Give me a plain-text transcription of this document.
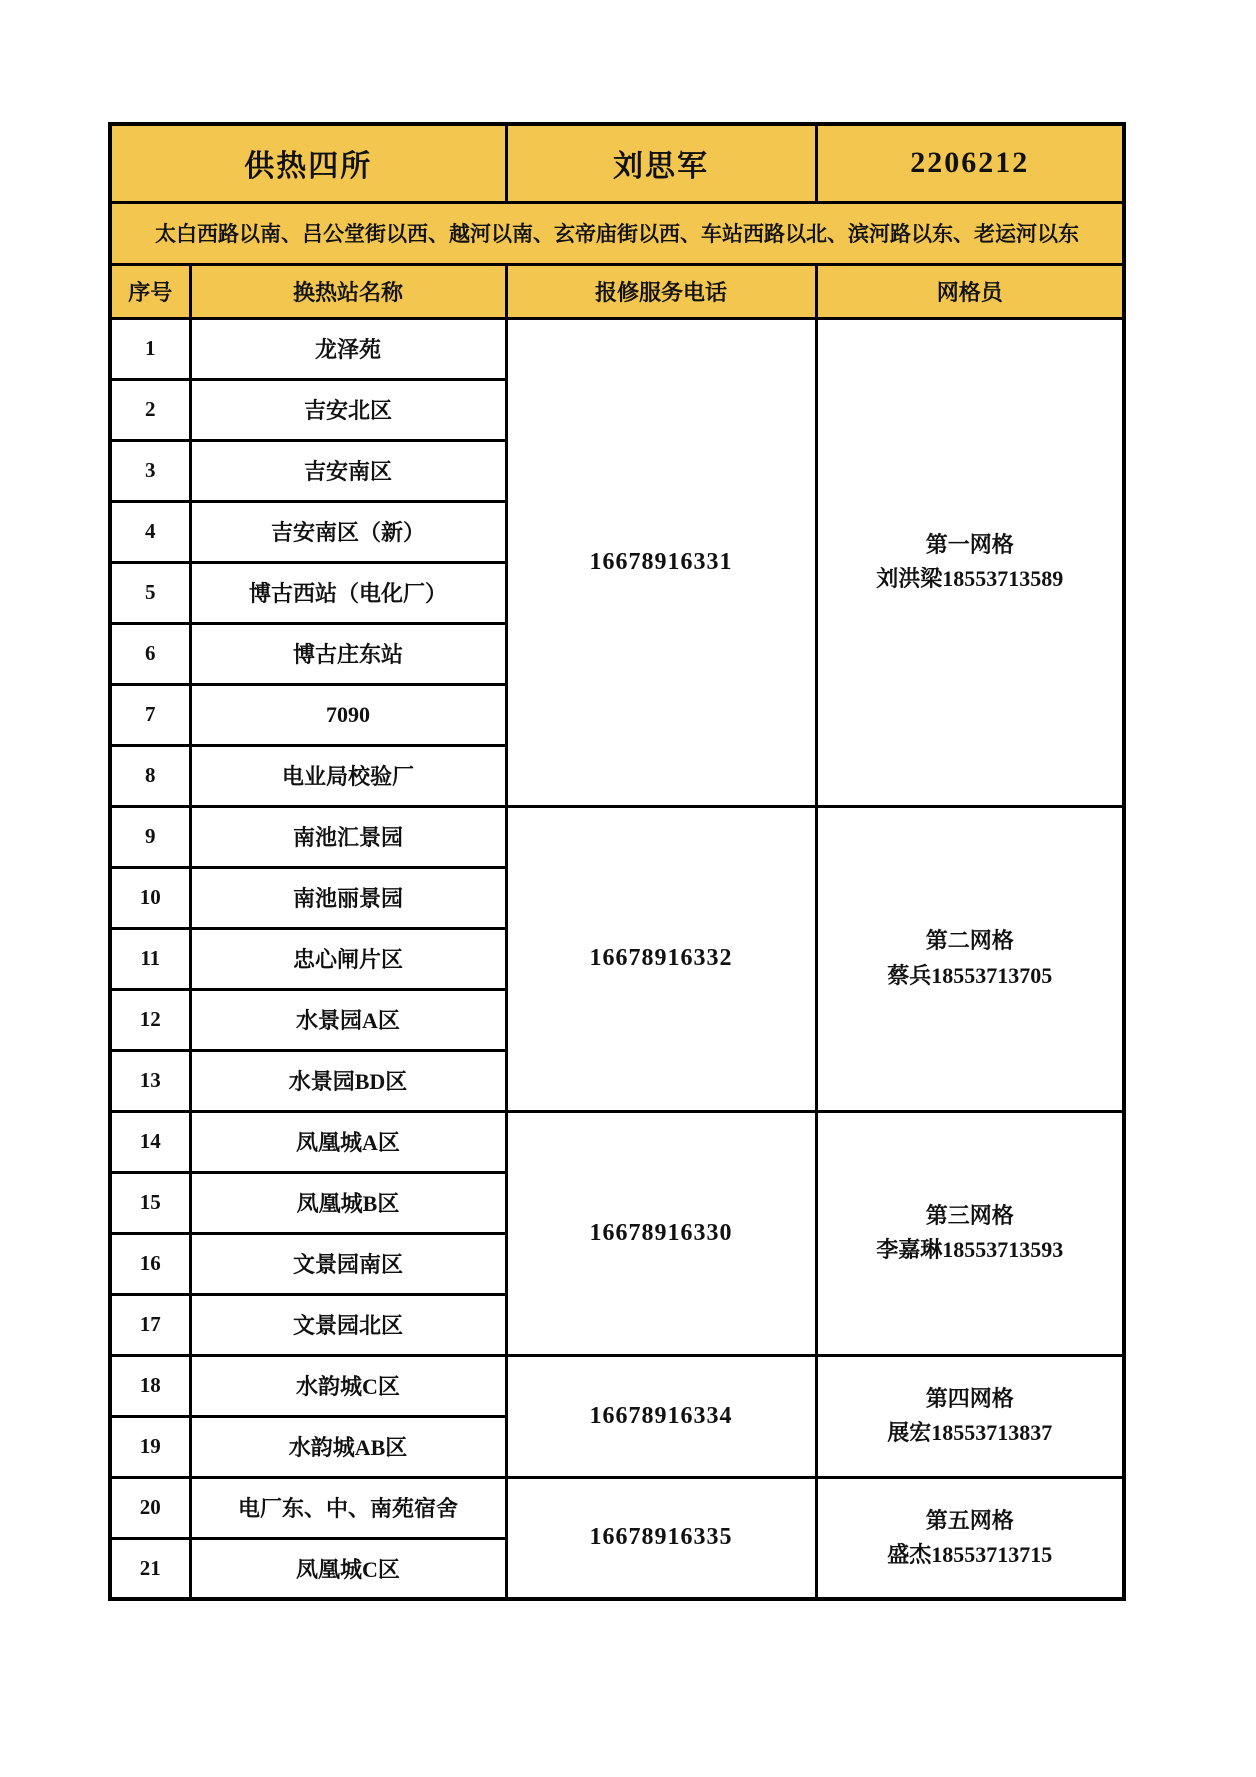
供热四所		刘思军	2206212
太白西路以南、吕公堂街以西、越河以南、玄帝庙街以西、车站西路以北、滨河路以东、老运河以东			
序号	换热站名称	报修服务电话	网格员
1	龙泽苑	16678916331	第一网格
刘洪梁18553713589

2	吉安北区		
3	吉安南区		
4	吉安南区（新）		
5	博古西站（电化厂）		
6	博古庄东站		
7	7090		
8	电业局校验厂		
9	南池汇景园	16678916332	第二网格
蔡兵18553713705

10	南池丽景园		
11	忠心闸片区		
12	水景园A区		
13	水景园BD区		
14	凤凰城A区	16678916330	第三网格
李嘉琳18553713593

15	凤凰城B区		
16	文景园南区		
17	文景园北区		
18	水韵城C区	16678916334	第四网格
展宏18553713837

19	水韵城AB区		
20	电厂东、中、南苑宿舍	16678916335	第五网格
盛杰18553713715

21	凤凰城C区		
